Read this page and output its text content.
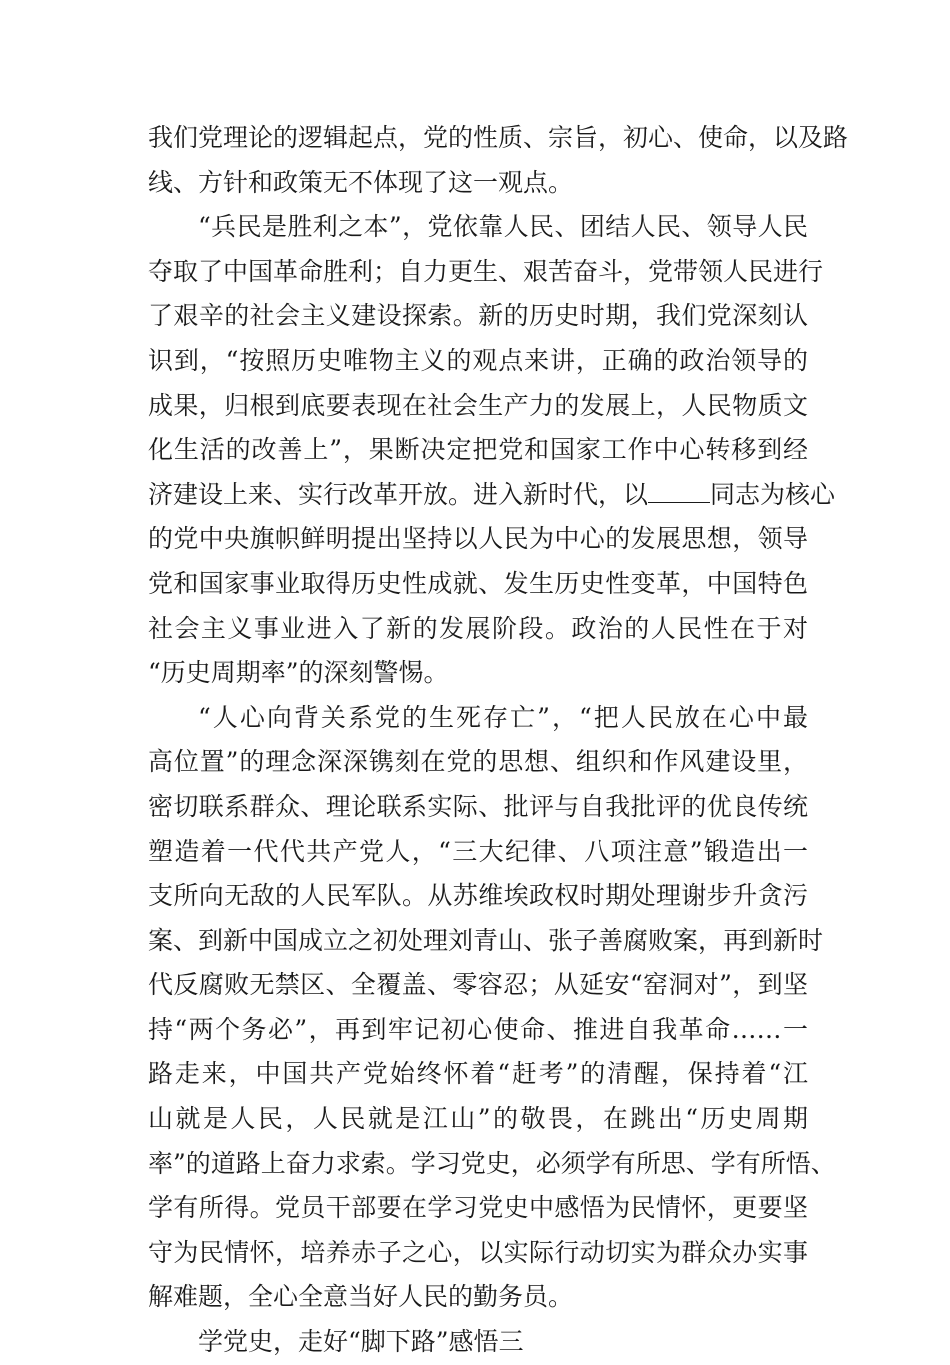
我们党理论的逻辑起点，党的性质、宗旨，初心、使命，以及路
线、方针和政策无不体现了这一观点。
“兵民是胜利之本”，党依靠人民、团结人民、领导人民
夺取了中国革命胜利；自力更生、艰苦奋斗，党带领人民进行
了艰辛的社会主义建设探索。新的历史时期，我们党深刻认
识到，“按照历史唯物主义的观点来讲，正确的政治领导的
成果，归根到底要表现在社会生产力的发展上，人民物质文
化生活的改善上”，果断决定把党和国家工作中心转移到经
济建设上来、实行改革开放。进入新时代，以 同志为核心
的党中央旗帜鲜明提出坚持以人民为中心的发展思想，领导
党和国家事业取得历史性成就、发生历史性变革，中国特色
社会主义事业进入了新的发展阶段。政治的人民性在于对
“历史周期率”的深刻警惕。
“人心向背关系党的生死存亡”，“把人民放在心中最
高位置”的理念深深镌刻在党的思想、组织和作风建设里，
密切联系群众、理论联系实际、批评与自我批评的优良传统
塑造着一代代共产党人，“三大纪律、八项注意”锻造出一
支所向无敌的人民军队。从苏维埃政权时期处理谢步升贪污
案、到新中国成立之初处理刘青山、张子善腐败案，再到新时
代反腐败无禁区、全覆盖、零容忍；从延安“窑洞对”，到坚
持“两个务必”，再到牢记初心使命、推进自我革命……一
路走来，中国共产党始终怀着“赶考”的清醒，保持着“江
山就是人民，人民就是江山”的敬畏，在跳出“历史周期
率”的道路上奋力求索。学习党史，必须学有所思、学有所悟、
学有所得。党员干部要在学习党史中感悟为民情怀，更要坚
守为民情怀，培养赤子之心，以实际行动切实为群众办实事
解难题，全心全意当好人民的勤务员。
学党史，走好“脚下路”感悟三
